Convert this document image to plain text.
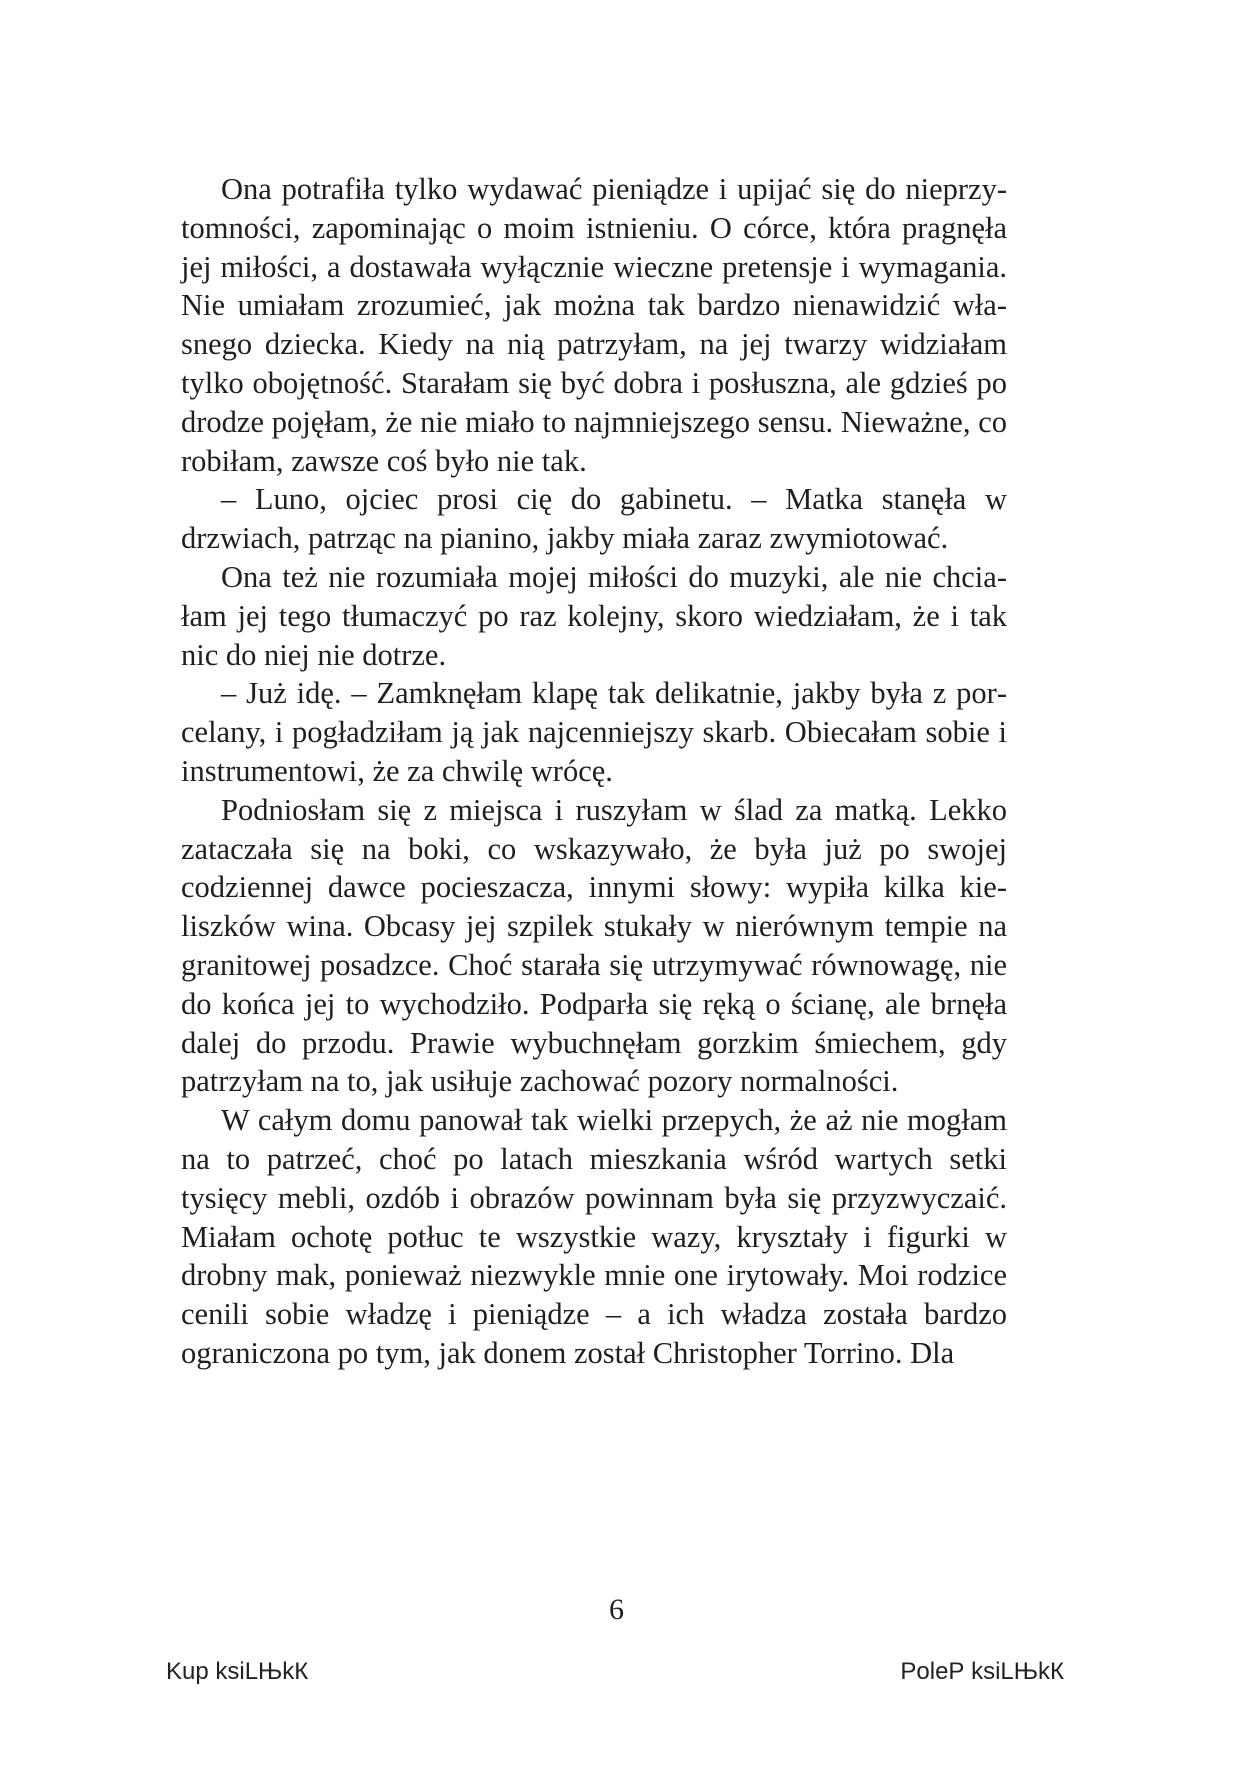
Ona potrafiła tylko wydawać pieniądze i upijać się do nieprzytomności, zapominając o moim istnieniu. O córce, która pragnęła jej miłości, a dostawała wyłącznie wieczne pretensje i wymagania. Nie umiałam zrozumieć, jak można tak bardzo nienawidzić własnego dziecka. Kiedy na nią patrzyłam, na jej twarzy widziałam tylko obojętność. Starałam się być dobra i posłuszna, ale gdzieś po drodze pojęłam, że nie miało to najmniejszego sensu. Nieważne, co robiłam, zawsze coś było nie tak.

– Luno, ojciec prosi cię do gabinetu. – Matka stanęła w drzwiach, patrząc na pianino, jakby miała zaraz zwymiotować.

Ona też nie rozumiała mojej miłości do muzyki, ale nie chciałam jej tego tłumaczyć po raz kolejny, skoro wiedziałam, że i tak nic do niej nie dotrze.

– Już idę. – Zamknęłam klapę tak delikatnie, jakby była z porcelany, i pogładziłam ją jak najcenniejszy skarb. Obiecałam sobie i instrumentowi, że za chwilę wrócę.

Podniosłam się z miejsca i ruszyłam w ślad za matką. Lekko zataczała się na boki, co wskazywało, że była już po swojej codziennej dawce pocieszacza, innymi słowy: wypiła kilka kieliszków wina. Obcasy jej szpilek stukały w nierównym tempie na granitowej posadzce. Choć starała się utrzymywać równowagę, nie do końca jej to wychodziło. Podparła się ręką o ścianę, ale brnęła dalej do przodu. Prawie wybuchnęłam gorzkim śmiechem, gdy patrzyłam na to, jak usiłuje zachować pozory normalności.

W całym domu panował tak wielki przepych, że aż nie mogłam na to patrzeć, choć po latach mieszkania wśród wartych setki tysięcy mebli, ozdób i obrazów powinnam była się przyzwyczaić. Miałam ochotę potłuc te wszystkie wazy, kryształy i figurki w drobny mak, ponieważ niezwykle mnie one irytowały. Moi rodzice cenili sobie władzę i pieniądze – a ich władza została bardzo ograniczona po tym, jak donem został Christopher Torrino. Dla

6
Kup ksiLЊkК	PoleР ksiLЊkК
